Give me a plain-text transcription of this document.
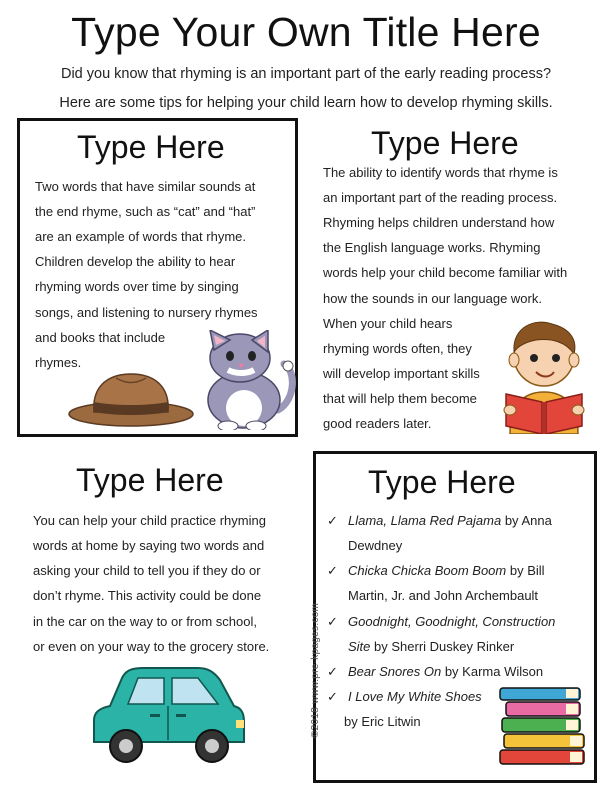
Type Your Own Title Here
Did you know that rhyming is an important part of the early reading process?
Here are some tips for helping your child learn how to develop rhyming skills.
Type Here
Two words that have similar sounds at
the end rhyme, such as “cat” and “hat”
are an example of words that rhyme.
Children develop the ability to hear
rhyming words over time by singing
songs, and listening to nursery rhymes
and books that include
rhymes.
Type Here
The ability to identify words that rhyme is
an important part of the reading process.
Rhyming helps children understand how
the English language works. Rhyming
words help your child become familiar with
how the sounds in our language work.
When your child hears
rhyming words often, they
will develop important skills
that will help them become
good readers later.
Type Here
You can help your child practice rhyming
words at home by saying two words and
asking your child to tell you if they do or
don’t rhyme. This activity could be done
in the car on the way to or from school,
or even on your way to the grocery store.	©2018 www.pre-kpages.com
Type Here
✓ Llama, Llama Red Pajama by Anna
Dewdney
✓ Chicka Chicka Boom Boom by Bill
Martin, Jr. and John Archembault
✓ Goodnight, Goodnight, Construction
Site by Sherri Duskey Rinker
✓ Bear Snores On by Karma Wilson
✓ I Love My White Shoes
by Eric Litwin
